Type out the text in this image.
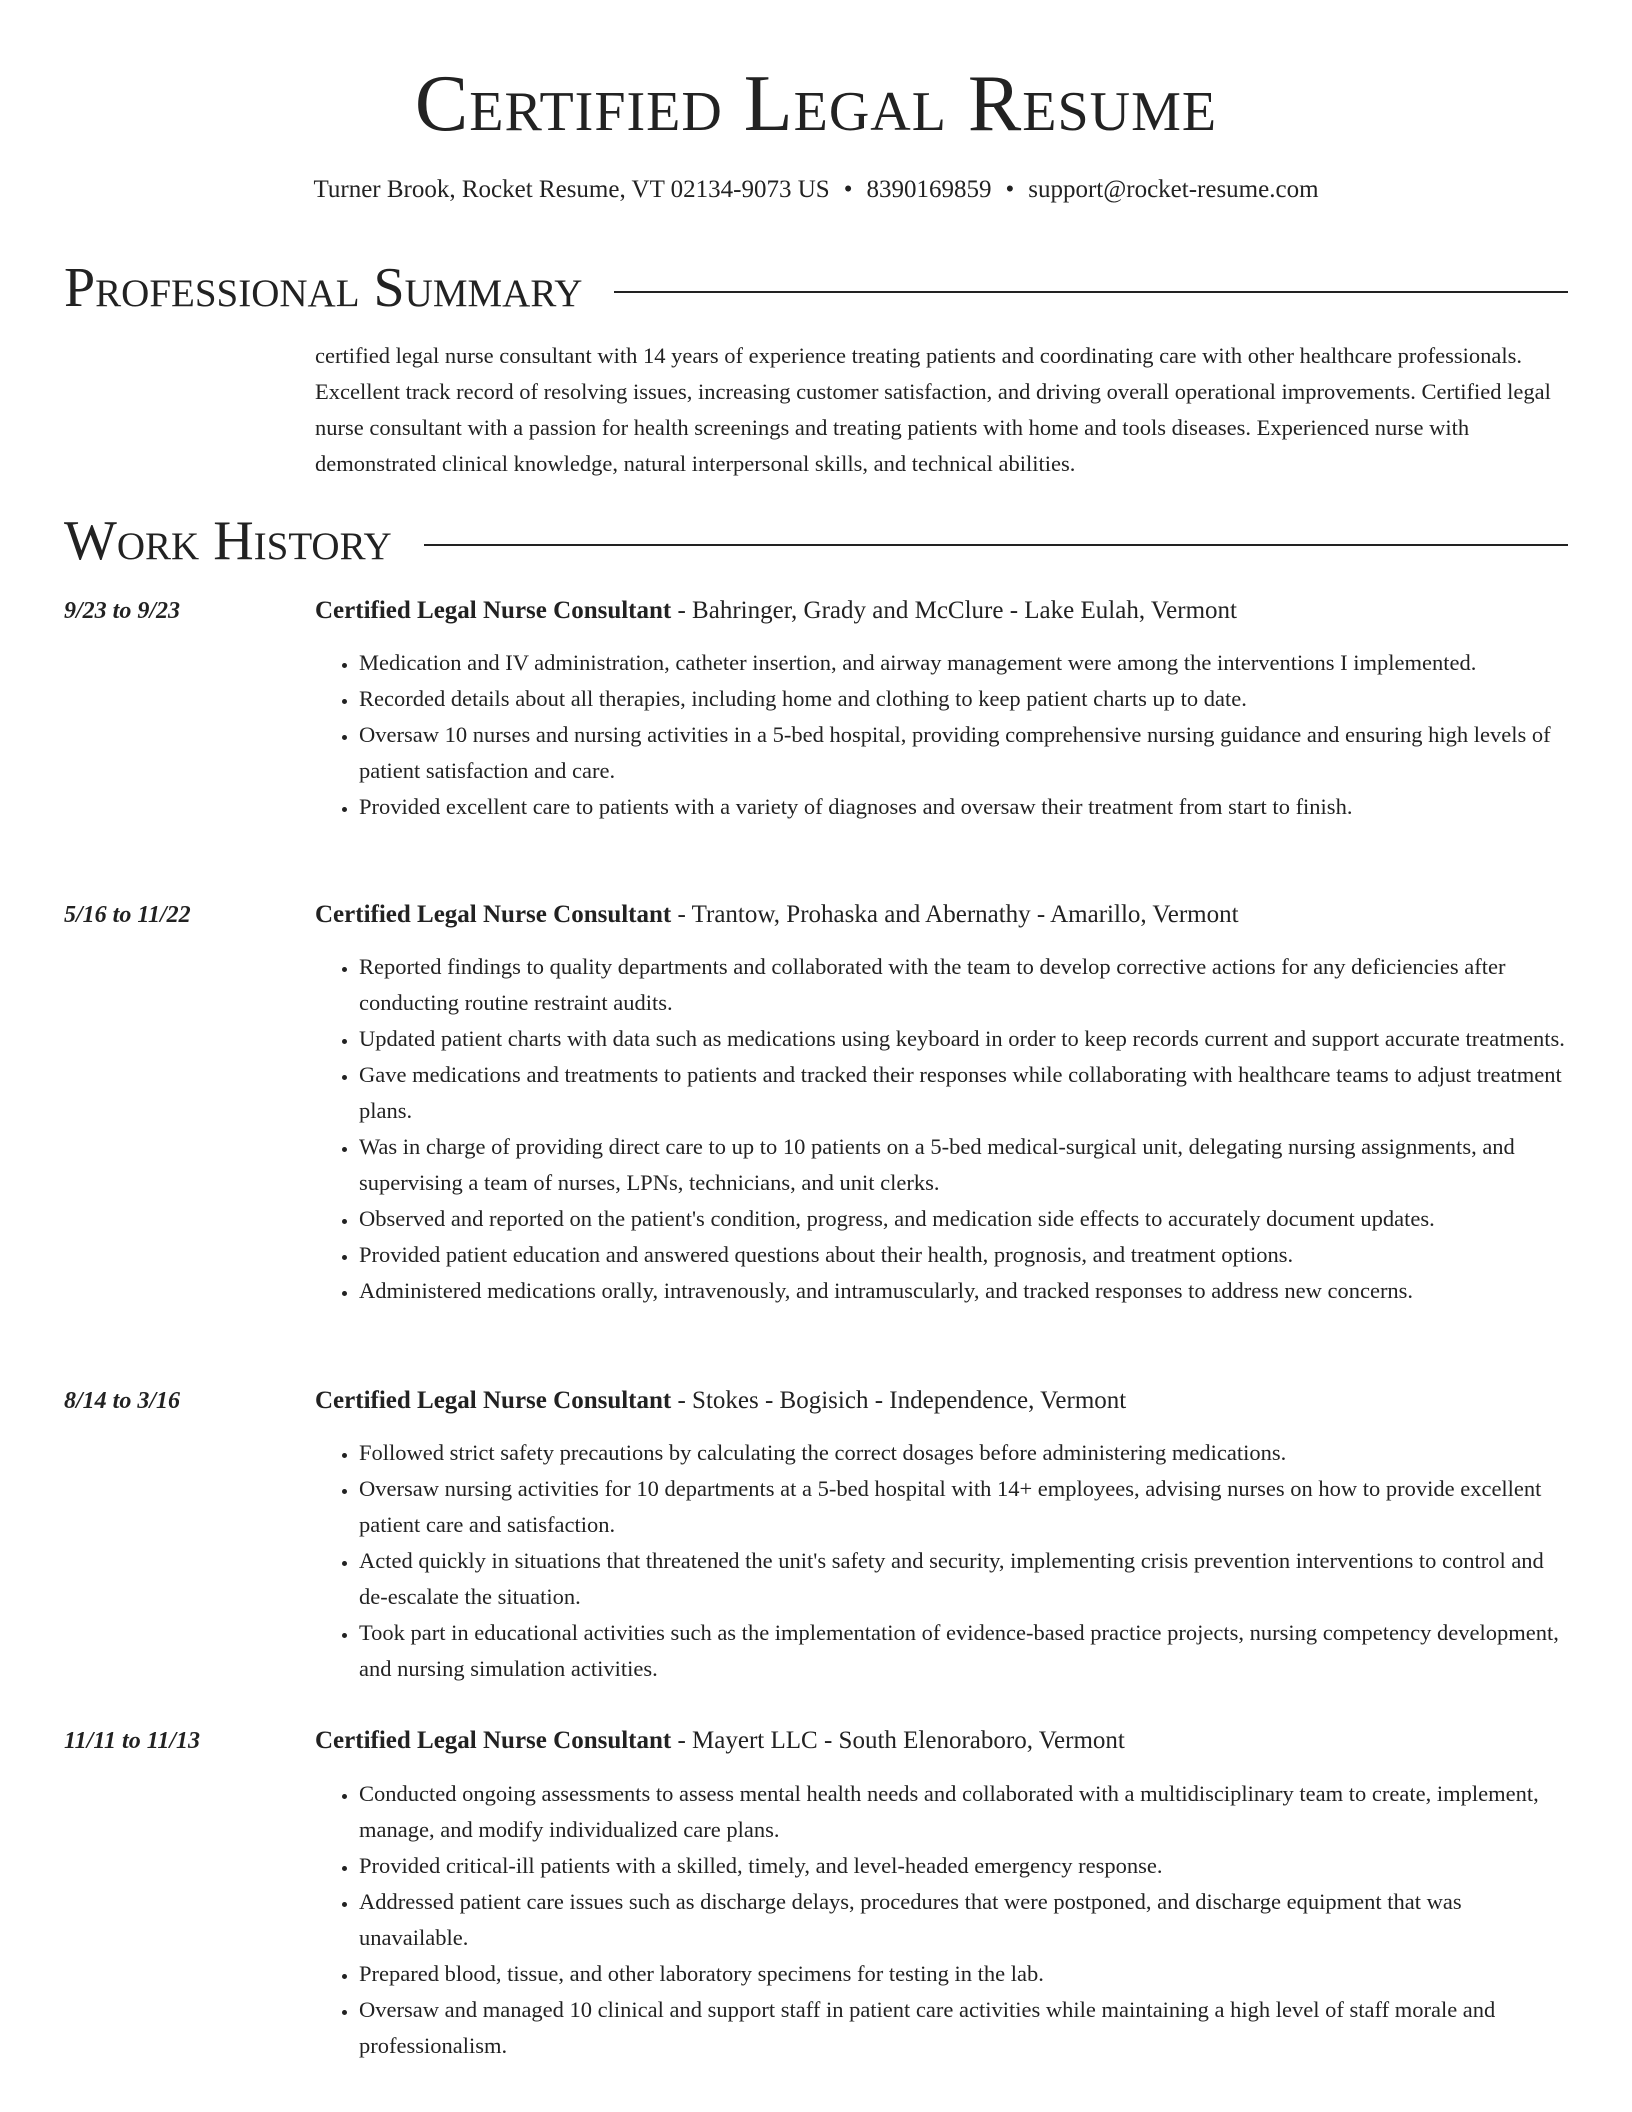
Certified Legal Resume
Turner Brook, Rocket Resume, VT 02134-9073 US • 8390169859 • support@rocket-resume.com
Professional Summary
certified legal nurse consultant with 14 years of experience treating patients and coordinating care with other healthcare professionals. Excellent track record of resolving issues, increasing customer satisfaction, and driving overall operational improvements. Certified legal nurse consultant with a passion for health screenings and treating patients with home and tools diseases. Experienced nurse with demonstrated clinical knowledge, natural interpersonal skills, and technical abilities.
Work History
9/23 to 9/23	Certified Legal Nurse Consultant - Bahringer, Grady and McClure - Lake Eulah, Vermont
• Medication and IV administration, catheter insertion, and airway management were among the interventions I implemented.
• Recorded details about all therapies, including home and clothing to keep patient charts up to date.
• Oversaw 10 nurses and nursing activities in a 5-bed hospital, providing comprehensive nursing guidance and ensuring high levels of patient satisfaction and care.
• Provided excellent care to patients with a variety of diagnoses and oversaw their treatment from start to finish.
5/16 to 11/22	Certified Legal Nurse Consultant - Trantow, Prohaska and Abernathy - Amarillo, Vermont
• Reported findings to quality departments and collaborated with the team to develop corrective actions for any deficiencies after conducting routine restraint audits.
• Updated patient charts with data such as medications using keyboard in order to keep records current and support accurate treatments.
• Gave medications and treatments to patients and tracked their responses while collaborating with healthcare teams to adjust treatment plans.
• Was in charge of providing direct care to up to 10 patients on a 5-bed medical-surgical unit, delegating nursing assignments, and supervising a team of nurses, LPNs, technicians, and unit clerks.
• Observed and reported on the patient's condition, progress, and medication side effects to accurately document updates.
• Provided patient education and answered questions about their health, prognosis, and treatment options.
• Administered medications orally, intravenously, and intramuscularly, and tracked responses to address new concerns.
8/14 to 3/16	Certified Legal Nurse Consultant - Stokes - Bogisich - Independence, Vermont
• Followed strict safety precautions by calculating the correct dosages before administering medications.
• Oversaw nursing activities for 10 departments at a 5-bed hospital with 14+ employees, advising nurses on how to provide excellent patient care and satisfaction.
• Acted quickly in situations that threatened the unit's safety and security, implementing crisis prevention interventions to control and de-escalate the situation.
• Took part in educational activities such as the implementation of evidence-based practice projects, nursing competency development, and nursing simulation activities.
11/11 to 11/13	Certified Legal Nurse Consultant - Mayert LLC - South Elenoraboro, Vermont
• Conducted ongoing assessments to assess mental health needs and collaborated with a multidisciplinary team to create, implement, manage, and modify individualized care plans.
• Provided critical-ill patients with a skilled, timely, and level-headed emergency response.
• Addressed patient care issues such as discharge delays, procedures that were postponed, and discharge equipment that was unavailable.
• Prepared blood, tissue, and other laboratory specimens for testing in the lab.
• Oversaw and managed 10 clinical and support staff in patient care activities while maintaining a high level of staff morale and professionalism.
